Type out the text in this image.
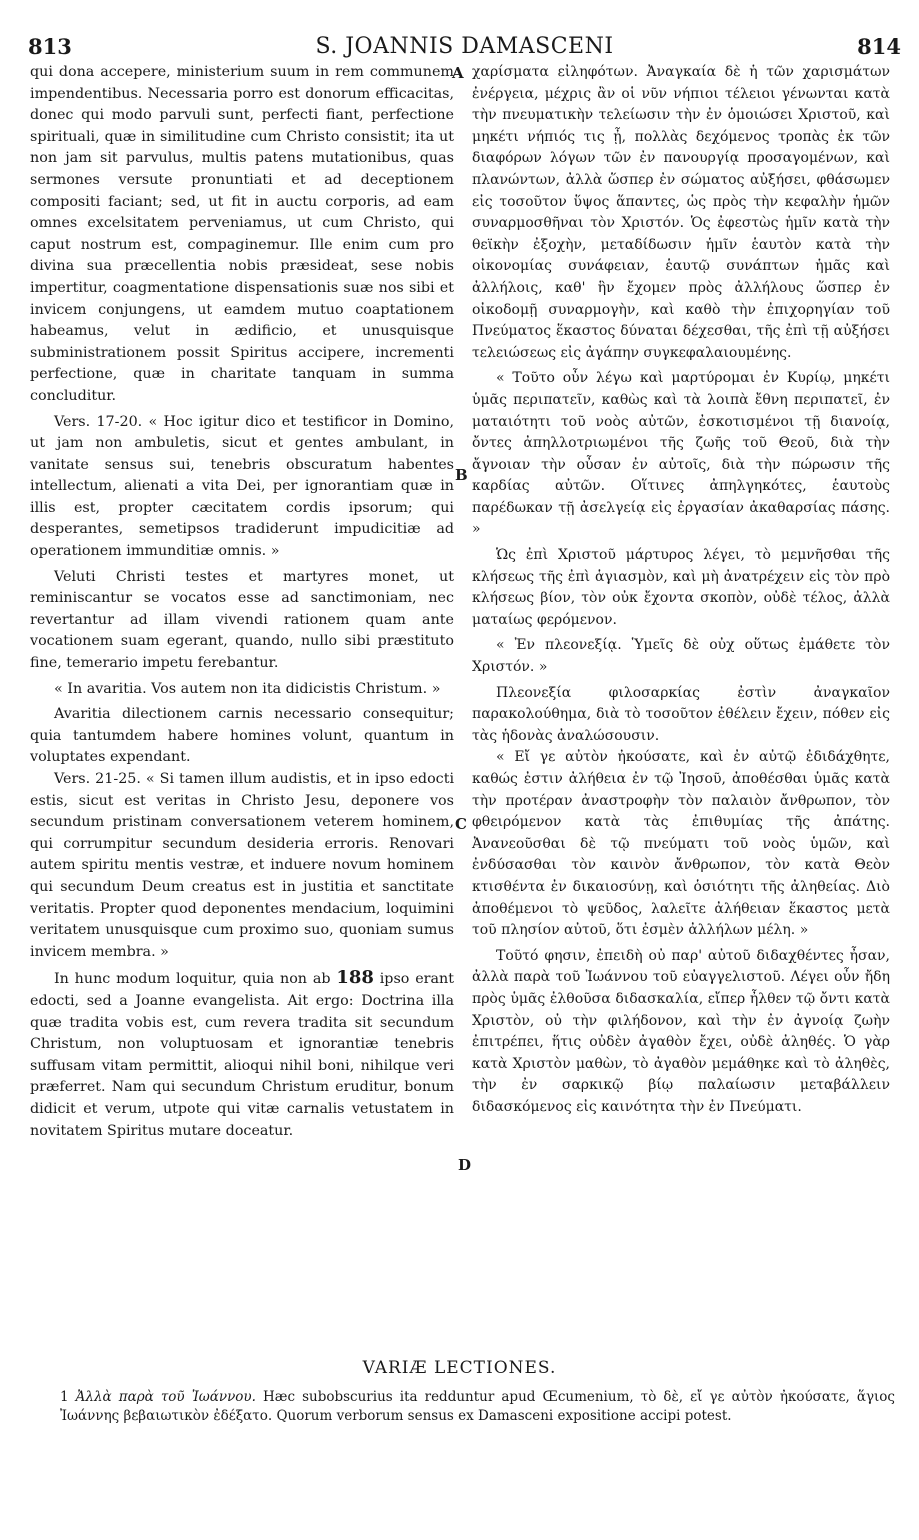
813	S. JOANNIS DAMASCENI	814
A
B
C
D

qui dona accepere, ministerium suum in rem communem impendentibus. Necessaria porro est donorum efficacitas, donec qui modo parvuli sunt, perfecti fiant, perfectione spirituali, quæ in similitudine cum Christo consistit; ita ut non jam sit parvulus, multis patens mutationibus, quas sermones versute pronuntiati et ad deceptionem compositi faciant; sed, ut fit in auctu corporis, ad eam omnes excelsitatem perveniamus, ut cum Christo, qui caput nostrum est, compaginemur. Ille enim cum pro divina sua præcellentia nobis præsideat, sese nobis impertitur, coagmentatione dispensationis suæ nos sibi et invicem conjungens, ut eamdem mutuo coaptationem habeamus, velut in ædificio, et unusquisque subministrationem possit Spiritus accipere, incrementi perfectione, quæ in charitate tanquam in summa concluditur.

Vers. 17-20. « Hoc igitur dico et testificor in Domino, ut jam non ambuletis, sicut et gentes ambulant, in vanitate sensus sui, tenebris obscuratum habentes intellectum, alienati a vita Dei, per ignorantiam quæ in illis est, propter cæcitatem cordis ipsorum; qui desperantes, semetipsos tradiderunt impudicitiæ ad operationem immunditiæ omnis. »

Veluti Christi testes et martyres monet, ut reminiscantur se vocatos esse ad sanctimoniam, nec revertantur ad illam vivendi rationem quam ante vocationem suam egerant, quando, nullo sibi præstituto fine, temerario impetu ferebantur.

« In avaritia. Vos autem non ita didicistis Christum. »

Avaritia dilectionem carnis necessario consequitur; quia tantumdem habere homines volunt, quantum in voluptates expendant.

Vers. 21-25. « Si tamen illum audistis, et in ipso edocti estis, sicut est veritas in Christo Jesu, deponere vos secundum pristinam conversationem veterem hominem, qui corrumpitur secundum desideria erroris. Renovari autem spiritu mentis vestræ, et induere novum hominem qui secundum Deum creatus est in justitia et sanctitate veritatis. Propter quod deponentes mendacium, loquimini veritatem unusquisque cum proximo suo, quoniam sumus invicem membra. »

In hunc modum loquitur, quia non ab 188 ipso erant edocti, sed a Joanne evangelista. Ait ergo: Doctrina illa quæ tradita vobis est, cum revera tradita sit secundum Christum, non voluptuosam et ignorantiæ tenebris suffusam vitam permittit, alioqui nihil boni, nihilque veri præferret. Nam qui secundum Christum eruditur, bonum didicit et verum, utpote qui vitæ carnalis vetustatem in novitatem Spiritus mutare doceatur.

χαρίσματα εἰληφότων. Ἀναγκαία δὲ ἡ τῶν χαρισμάτων ἐνέργεια, μέχρις ἂν οἱ νῦν νήπιοι τέλειοι γένωνται κατὰ τὴν πνευματικὴν τελείωσιν τὴν ἐν ὁμοιώσει Χριστοῦ, καὶ μηκέτι νήπιός τις ᾖ, πολλὰς δεχόμενος τροπὰς ἐκ τῶν διαφόρων λόγων τῶν ἐν πανουργίᾳ προσαγομένων, καὶ πλανώντων, ἀλλὰ ὥσπερ ἐν σώματος αὐξήσει, φθάσωμεν εἰς τοσοῦτον ὕψος ἅπαντες, ὡς πρὸς τὴν κεφαλὴν ἡμῶν συναρμοσθῆναι τὸν Χριστόν. Ὁς ἐφεστὼς ἡμῖν κατὰ τὴν θεϊκὴν ἐξοχὴν, μεταδίδωσιν ἡμῖν ἑαυτὸν κατὰ τὴν οἰκονομίας συνάφειαν, ἑαυτῷ συνάπτων ἡμᾶς καὶ ἀλλήλοις, καθ' ἣν ἔχομεν πρὸς ἀλλήλους ὥσπερ ἐν οἰκοδομῇ συναρμογὴν, καὶ καθὸ τὴν ἐπιχορηγίαν τοῦ Πνεύματος ἕκαστος δύναται δέχεσθαι, τῆς ἐπὶ τῇ αὐξήσει τελειώσεως εἰς ἀγάπην συγκεφαλαιουμένης.

« Τοῦτο οὖν λέγω καὶ μαρτύρομαι ἐν Κυρίῳ, μηκέτι ὑμᾶς περιπατεῖν, καθὼς καὶ τὰ λοιπὰ ἔθνη περιπατεῖ, ἐν ματαιότητι τοῦ νοὸς αὐτῶν, ἐσκοτισμένοι τῇ διανοίᾳ, ὄντες ἀπηλλοτριωμένοι τῆς ζωῆς τοῦ Θεοῦ, διὰ τὴν ἄγνοιαν τὴν οὖσαν ἐν αὐτοῖς, διὰ τὴν πώρωσιν τῆς καρδίας αὐτῶν. Οἵτινες ἀπηλγηκότες, ἑαυτοὺς παρέδωκαν τῇ ἀσελγείᾳ εἰς ἐργασίαν ἀκαθαρσίας πάσης. »

Ὡς ἐπὶ Χριστοῦ μάρτυρος λέγει, τὸ μεμνῆσθαι τῆς κλήσεως τῆς ἐπὶ ἁγιασμὸν, καὶ μὴ ἀνατρέχειν εἰς τὸν πρὸ κλήσεως βίον, τὸν οὐκ ἔχοντα σκοπὸν, οὐδὲ τέλος, ἀλλὰ ματαίως φερόμενον.

« Ἐν πλεονεξίᾳ. Ὑμεῖς δὲ οὐχ οὕτως ἐμάθετε τὸν Χριστόν. »

Πλεονεξία φιλοσαρκίας ἐστὶν ἀναγκαῖον παρακολούθημα, διὰ τὸ τοσοῦτον ἐθέλειν ἔχειν, πόθεν εἰς τὰς ἡδονὰς ἀναλώσουσιν.

« Εἴ γε αὐτὸν ἠκούσατε, καὶ ἐν αὐτῷ ἐδιδάχθητε, καθώς ἐστιν ἀλήθεια ἐν τῷ Ἰησοῦ, ἀποθέσθαι ὑμᾶς κατὰ τὴν προτέραν ἀναστροφὴν τὸν παλαιὸν ἄνθρωπον, τὸν φθειρόμενον κατὰ τὰς ἐπιθυμίας τῆς ἀπάτης. Ἀνανεοῦσθαι δὲ τῷ πνεύματι τοῦ νοὸς ὑμῶν, καὶ ἐνδύσασθαι τὸν καινὸν ἄνθρωπον, τὸν κατὰ Θεὸν κτισθέντα ἐν δικαιοσύνῃ, καὶ ὁσιότητι τῆς ἀληθείας. Διὸ ἀποθέμενοι τὸ ψεῦδος, λαλεῖτε ἀλήθειαν ἕκαστος μετὰ τοῦ πλησίον αὐτοῦ, ὅτι ἐσμὲν ἀλλήλων μέλη. »

Τοῦτό φησιν, ἐπειδὴ οὐ παρ' αὐτοῦ διδαχθέντες ἦσαν, ἀλλὰ παρὰ τοῦ Ἰωάννου τοῦ εὐαγγελιστοῦ. Λέγει οὖν ἤδη πρὸς ὑμᾶς ἐλθοῦσα διδασκαλία, εἴπερ ἦλθεν τῷ ὄντι κατὰ Χριστὸν, οὐ τὴν φιλήδονον, καὶ τὴν ἐν ἀγνοίᾳ ζωὴν ἐπιτρέπει, ἥτις οὐδὲν ἀγαθὸν ἔχει, οὐδὲ ἀληθές. Ὁ γὰρ κατὰ Χριστὸν μαθὼν, τὸ ἀγαθὸν μεμάθηκε καὶ τὸ ἀληθὲς, τὴν ἐν σαρκικῷ βίῳ παλαίωσιν μεταβάλλειν διδασκόμενος εἰς καινότητα τὴν ἐν Πνεύματι.

VARIÆ LECTIONES.
1 Ἀλλὰ παρὰ τοῦ Ἰωάννου. Hæc subobscurius ita redduntur apud Œcumenium, τὸ δὲ, εἴ γε αὐτὸν ἠκούσατε, ἅγιος Ἰωάννης βεβαιωτικὸν ἐδέξατο. Quorum verborum sensus ex Damasceni expositione accipi potest.
